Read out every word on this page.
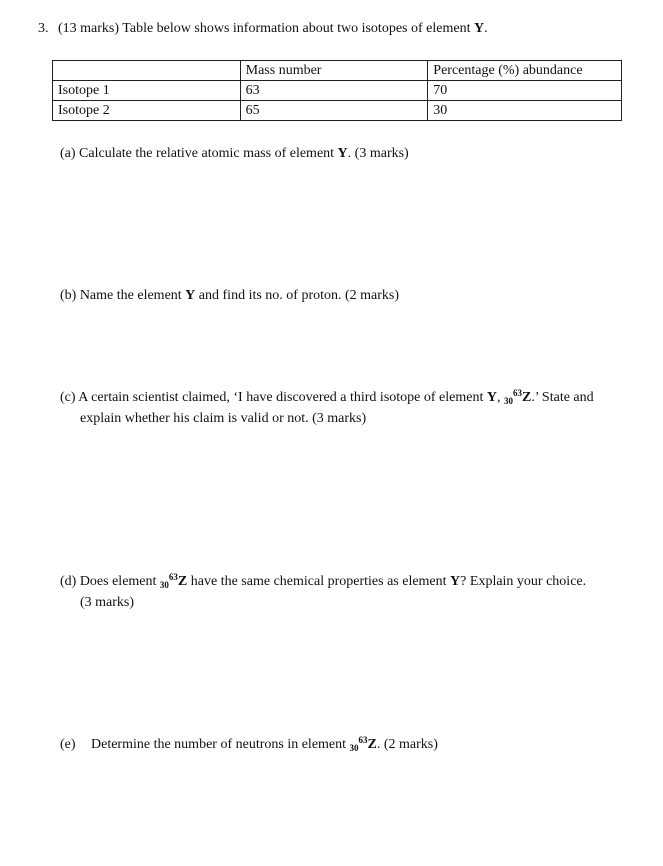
3. (13 marks) Table below shows information about two isotopes of element Y.
	Mass number	Percentage (%) abundance
Isotope 1	63	70
Isotope 2	65	30
(a) Calculate the relative atomic mass of element Y. (3 marks)
(b) Name the element Y and find its no. of proton. (2 marks)
(c) A certain scientist claimed, ‘I have discovered a third isotope of element Y, $_{30}^{63}$Z.’ State and
explain whether his claim is valid or not. (3 marks)
(d) Does element $_{30}^{63}$Z have the same chemical properties as element Y? Explain your choice.
(3 marks)
(e) Determine the number of neutrons in element $_{30}^{63}$Z. (2 marks)
